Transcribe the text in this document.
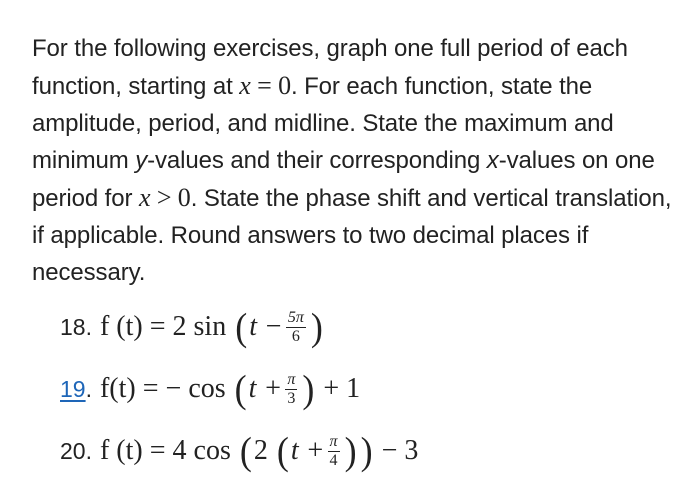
For the following exercises, graph one full period of each function, starting at x = 0. For each function, state the amplitude, period, and midline. State the maximum and minimum y-values and their corresponding x-values on one period for x > 0. State the phase shift and vertical translation, if applicable. Round answers to two decimal places if necessary.

18. f (t) = 2 sin ( $t - \frac{5\pi}{6}$ )
19. f(t) = − cos ( $t + \frac{\pi}{3}$ ) + 1
20. f (t) = 4 cos ( 2 ( $t + \frac{\pi}{4}$ ) ) − 3
